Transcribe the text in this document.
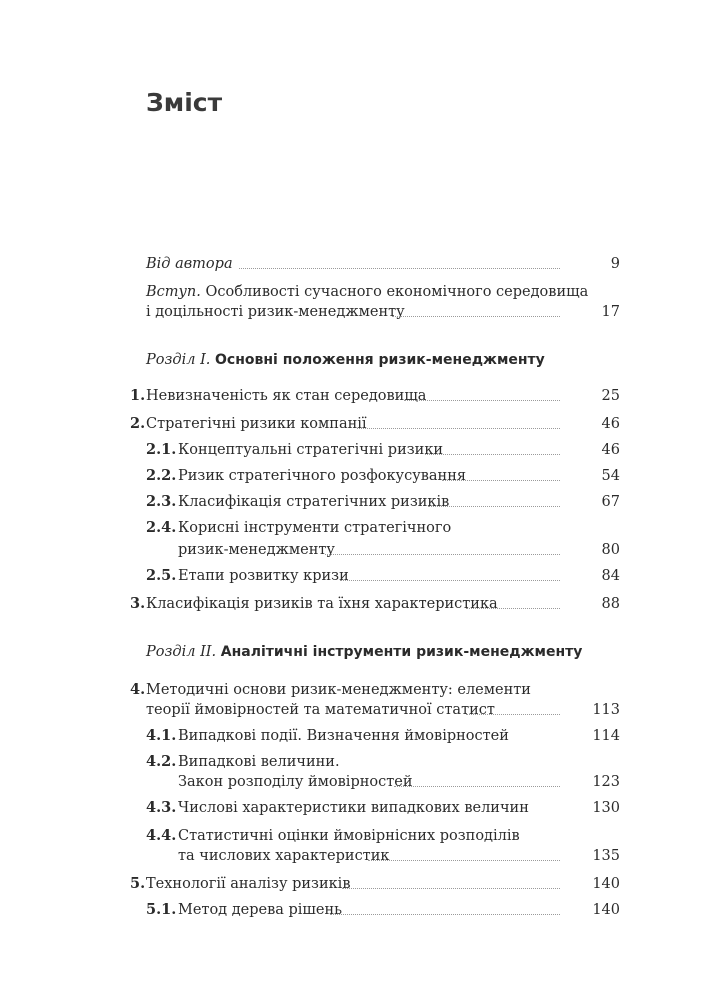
Зміст
Від автора	9
Вступ. Особливості сучасного економічного середовища
і доцільності ризик-менеджменту	17
Розділ I. Основні положення ризик-менеджменту
1. Невизначеність як стан середовища	25
2. Стратегічні ризики компанії	46
2.1. Концептуальні стратегічні ризики	46
2.2. Ризик стратегічного розфокусування	54
2.3. Класифікація стратегічних ризиків	67
2.4. Корисні інструменти стратегічного
ризик-менеджменту	80
2.5. Етапи розвитку кризи	84
3. Класифікація ризиків та їхня характеристика	88
Розділ II. Аналітичні інструменти ризик-менеджменту
4. Методичні основи ризик-менеджменту: елементи
теорії ймовірностей та математичної статист	113
4.1. Випадкові події. Визначення ймовірностей	114
4.2. Випадкові величини.
Закон розподілу ймовірностей	123
4.3. Числові характеристики випадкових величин	130
4.4. Статистичні оцінки ймовірнісних розподілів
та числових характеристик	135
5. Технології аналізу ризиків	140
5.1. Метод дерева рішень	140
